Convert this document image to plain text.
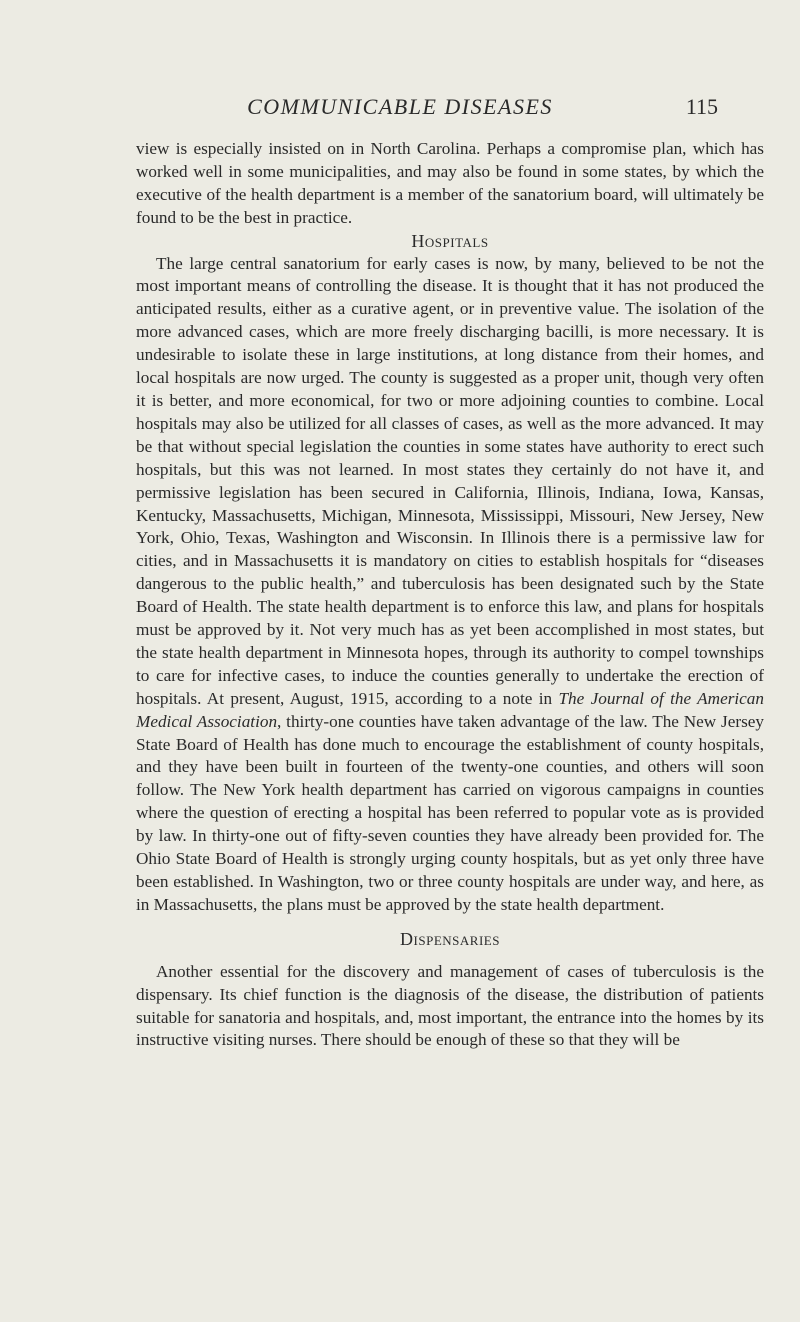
COMMUNICABLE DISEASES	115

view is especially insisted on in North Carolina. Perhaps a compromise plan, which has worked well in some municipalities, and may also be found in some states, by which the executive of the health department is a member of the sanatorium board, will ultimately be found to be the best in practice.

Hospitals

The large central sanatorium for early cases is now, by many, believed to be not the most important means of controlling the disease. It is thought that it has not produced the anticipated results, either as a curative agent, or in preventive value. The isolation of the more advanced cases, which are more freely discharging bacilli, is more necessary. It is undesirable to isolate these in large institutions, at long distance from their homes, and local hospitals are now urged. The county is suggested as a proper unit, though very often it is better, and more economical, for two or more adjoining counties to combine. Local hospitals may also be utilized for all classes of cases, as well as the more advanced. It may be that without special legislation the counties in some states have authority to erect such hospitals, but this was not learned. In most states they certainly do not have it, and permissive legislation has been secured in California, Illinois, Indiana, Iowa, Kansas, Kentucky, Massachusetts, Michigan, Minnesota, Mississippi, Missouri, New Jersey, New York, Ohio, Texas, Washington and Wisconsin. In Illinois there is a permissive law for cities, and in Massachusetts it is mandatory on cities to establish hospitals for “diseases dangerous to the public health,” and tuberculosis has been designated such by the State Board of Health. The state health department is to enforce this law, and plans for hospitals must be approved by it. Not very much has as yet been accomplished in most states, but the state health department in Minnesota hopes, through its authority to compel townships to care for infective cases, to induce the counties generally to undertake the erection of hospitals. At present, August, 1915, according to a note in The Journal of the American Medical Association, thirty-one counties have taken advantage of the law. The New Jersey State Board of Health has done much to encourage the establishment of county hospitals, and they have been built in fourteen of the twenty-one counties, and others will soon follow. The New York health department has carried on vigorous campaigns in counties where the question of erecting a hospital has been referred to popular vote as is provided by law. In thirty-one out of fifty-seven counties they have already been provided for. The Ohio State Board of Health is strongly urging county hospitals, but as yet only three have been established. In Washington, two or three county hospitals are under way, and here, as in Massachusetts, the plans must be approved by the state health department.

Dispensaries

Another essential for the discovery and management of cases of tuberculosis is the dispensary. Its chief function is the diagnosis of the disease, the distribution of patients suitable for sanatoria and hospitals, and, most important, the entrance into the homes by its instructive visiting nurses. There should be enough of these so that they will be
